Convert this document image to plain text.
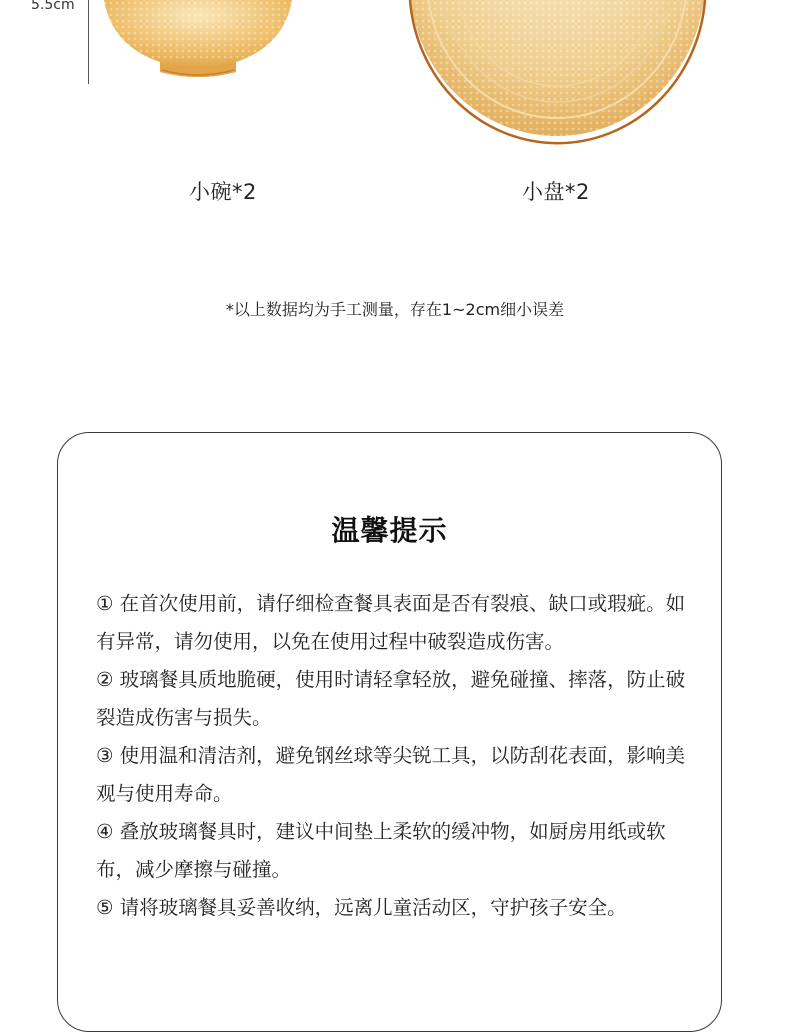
5.5cm
小碗*2	小盘*2
*以上数据均为手工测量，存在1~2cm细小误差
温馨提示

① 在首次使用前，请仔细检查餐具表面是否有裂痕、缺口或瑕疵。如有异常，请勿使用，以免在使用过程中破裂造成伤害。

② 玻璃餐具质地脆硬，使用时请轻拿轻放，避免碰撞、摔落，防止破裂造成伤害与损失。

③ 使用温和清洁剂，避免钢丝球等尖锐工具，以防刮花表面，影响美观与使用寿命。

④ 叠放玻璃餐具时，建议中间垫上柔软的缓冲物，如厨房用纸或软布，减少摩擦与碰撞。

⑤ 请将玻璃餐具妥善收纳，远离儿童活动区，守护孩子安全。
